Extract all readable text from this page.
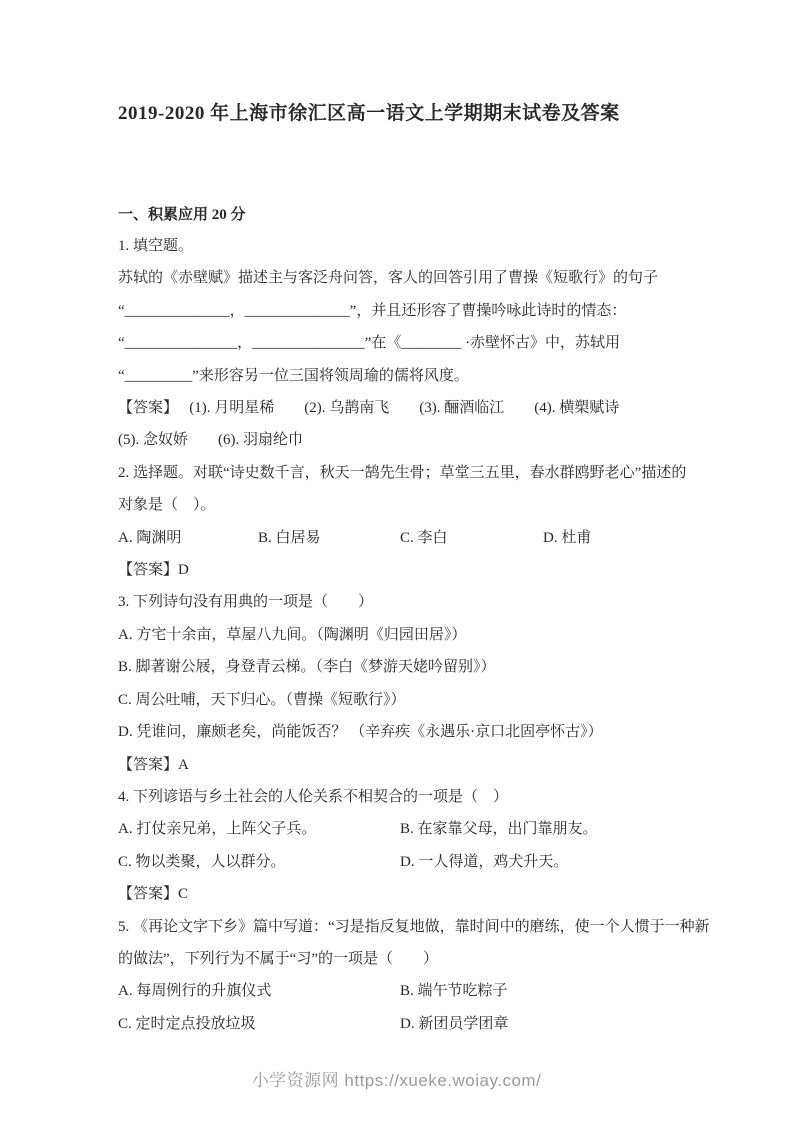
2019-2020 年上海市徐汇区高一语文上学期期末试卷及答案
一、积累应用 20 分
1. 填空题。
苏轼的《赤壁赋》描述主与客泛舟问答，客人的回答引用了曹操《短歌行》的句子
“______________，______________”，并且还形容了曹操吟咏此诗时的情态：
“_______________，_______________”在《________ ·赤壁怀古》中，苏轼用
“_________”来形容另一位三国将领周瑜的儒将风度。
【答案】　 (1). 月明星稀　　(2). 乌鹊南飞　　(3). 酾酒临江　　(4). 横槊赋诗
(5). 念奴娇　　(6). 羽扇纶巾
2. 选择题。对联“诗史数千言，秋天一鹄先生骨；草堂三五里，春水群鸥野老心”描述的
对象是（　）。
A. 陶渊明	B. 白居易	C. 李白	D. 杜甫
【答案】D
3. 下列诗句没有用典的一项是（　　）
A. 方宅十余亩，草屋八九间。（陶渊明《归园田居》）
B. 脚著谢公屐，身登青云梯。（李白《梦游天姥吟留别》）
C. 周公吐哺，天下归心。（曹操《短歌行》）
D. 凭谁问，廉颇老矣，尚能饭否？ （辛弃疾《永遇乐·京口北固亭怀古》）
【答案】A
4. 下列谚语与乡土社会的人伦关系不相契合的一项是（　）
A. 打仗亲兄弟，上阵父子兵。	B. 在家靠父母，出门靠朋友。
C. 物以类聚，人以群分。	D. 一人得道，鸡犬升天。
【答案】C
5. 《再论文字下乡》篇中写道：“习是指反复地做，靠时间中的磨练，使一个人惯于一种新
的做法”，下列行为不属于“习”的一项是（　　）
A. 每周例行的升旗仪式	B. 端午节吃粽子
C. 定时定点投放垃圾	D. 新团员学团章
小学资源网 https://xueke.woiay.com/
